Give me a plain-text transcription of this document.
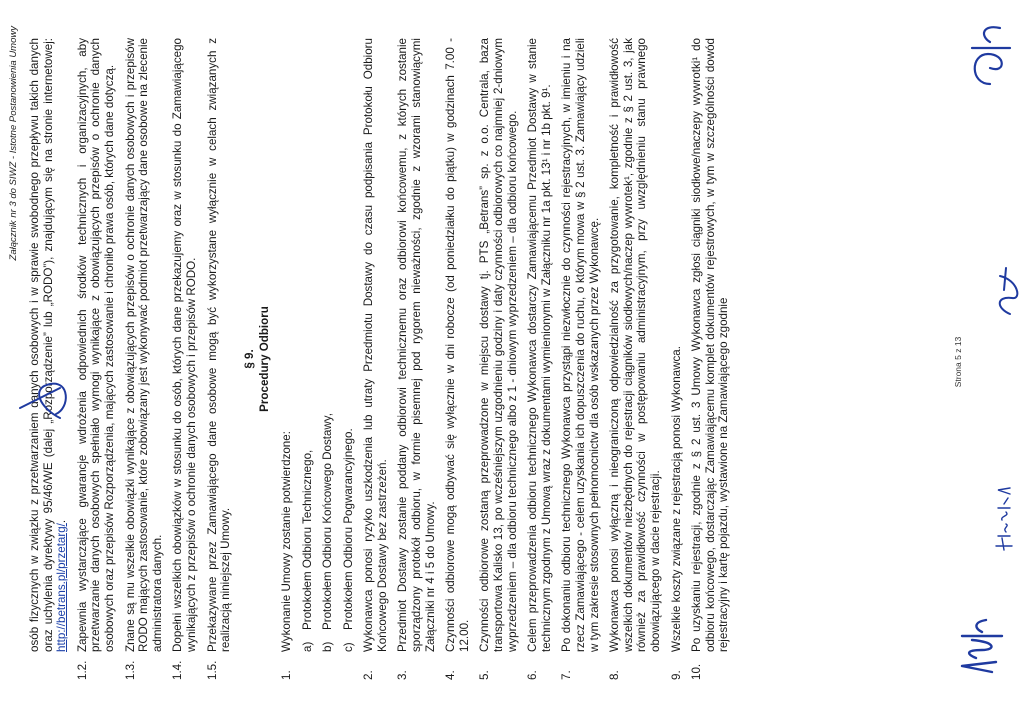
Załącznik nr 3 do SIWZ - Istotne Postanowienia Umowy osób fizycznych w związku z przetwarzaniem danych osobowych i w sprawie swobodnego przepływu takich danych oraz uchylenia dyrektywy 95/46/WE (dalej „Rozporządzenie” lub „RODO”), znajdującym się na stronie internetowej: http://betrans.pl/przetarg/.

1.2.
Zapewnia wystarczające gwarancje wdrożenia odpowiednich środków technicznych i organizacyjnych, aby przetwarzanie danych osobowych spełniało wymogi wynikające z obowiązujących przepisów o ochronie danych osobowych oraz przepisów Rozporządzenia, mających zastosowanie i chroniło prawa osób, których dane dotyczą.
1.3.
Znane są mu wszelkie obowiązki wynikające z obowiązujących przepisów o ochronie danych osobowych i przepisów RODO mających zastosowanie, które zobowiązany jest wykonywać podmiot przetwarzający dane osobowe na zlecenie administratora danych.
1.4.
Dopełni wszelkich obowiązków w stosunku do osób, których dane przekazujemy oraz w stosunku do Zamawiającego wynikających z przepisów o ochronie danych osobowych i przepisów RODO.
1.5.
Przekazywane przez Zamawiającego dane osobowe mogą być wykorzystane wyłącznie w celach związanych z realizacją niniejszej Umowy.
§ 9. Procedury Odbioru
1.
Wykonanie Umowy zostanie potwierdzone: a)
Protokołem Odbioru Technicznego,
b)
Protokołem Odbioru Końcowego Dostawy,
c)
Protokołem Odbioru Pogwarancyjnego.
2.
Wykonawca ponosi ryzyko uszkodzenia lub utraty Przedmiotu Dostawy do czasu podpisania Protokołu Odbioru Końcowego Dostawy bez zastrzeżeń.
3.
Przedmiot Dostawy zostanie poddany odbiorowi technicznemu oraz odbiorowi końcowemu, z których zostanie sporządzony protokół odbioru, w formie pisemnej pod rygorem nieważności, zgodnie z wzorami stanowiącymi Załączniki nr 4 i 5 do Umowy.
4.
Czynności odbiorowe mogą odbywać się wyłącznie w dni robocze (od poniedziałku do piątku) w godzinach 7.00 - 12.00.
5.
Czynności odbiorowe zostaną przeprowadzone w miejscu dostawy tj. PTS „Betrans” sp. z o.o. Centrala, baza transportowa Kalisko 13, po wcześniejszym uzgodnieniu godziny i daty czynności odbiorowych co najmniej 2-dniowym wyprzedzeniem – dla odbioru technicznego albo z 1 - dniowym wyprzedzeniem – dla odbioru końcowego.
6.
Celem przeprowadzenia odbioru technicznego Wykonawca dostarczy Zamawiającemu Przedmiot Dostawy w stanie technicznym zgodnym z Umową wraz z dokumentami wymienionymi w Załączniku nr 1a pkt. 13¹ i nr 1b pkt. 9¹.
7.
Po dokonaniu odbioru technicznego Wykonawca przystąpi niezwłocznie do czynności rejestracyjnych, w imieniu i na rzecz Zamawiającego - celem uzyskania ich dopuszczenia do ruchu, o którym mowa w § 2 ust. 3. Zamawiający udzieli w tym zakresie stosownych pełnomocnictw dla osób wskazanych przez Wykonawcę.
8.
Wykonawca ponosi wyłączną i nieograniczoną odpowiedzialność za przygotowanie, kompletność i prawidłowość wszelkich dokumentów niezbędnych do rejestracji ciągników siodłowych/naczep wywrotek¹, zgodnie z § 2 ust. 3, jak również za prawidłowość czynności w postępowaniu administracyjnym, przy uwzględnieniu stanu prawnego obowiązującego w dacie rejestracji.
9.
Wszelkie koszty związane z rejestracją ponosi Wykonawca.
10.
Po uzyskaniu rejestracji, zgodnie z § 2 ust. 3 Umowy Wykonawca zgłosi ciągniki siodłowe/naczepy wywrotki¹ do odbioru końcowego, dostarczając Zamawiającemu komplet dokumentów rejestrowych, w tym w szczególności dowód rejestracyjny i kartę pojazdu, wystawione na Zamawiającego zgodnie	Strona 5 z 13
